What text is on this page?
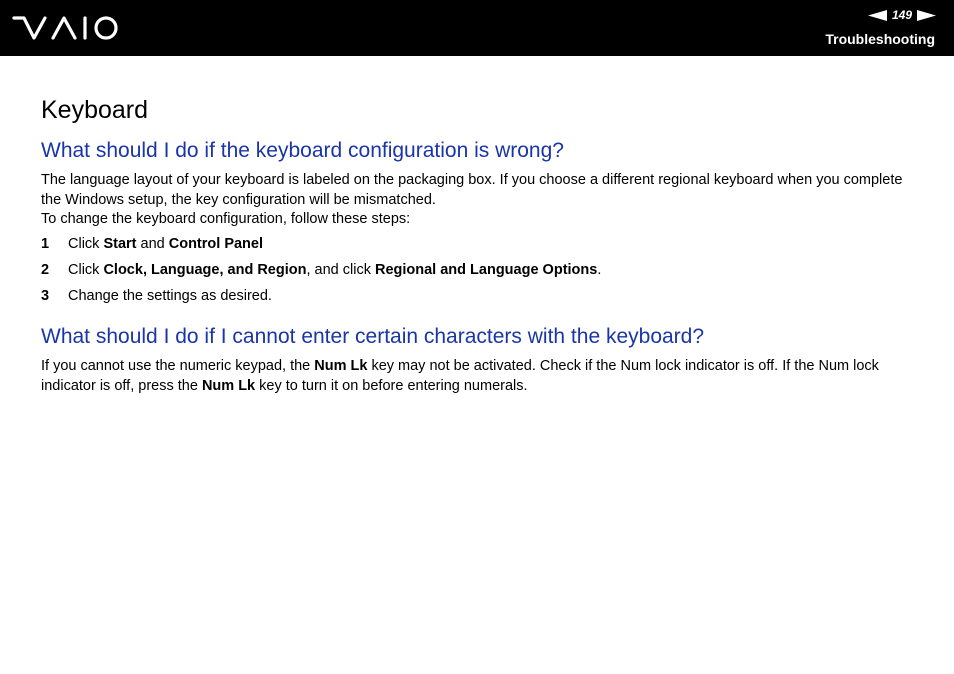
149
Troubleshooting
Keyboard
What should I do if the keyboard configuration is wrong?

The language layout of your keyboard is labeled on the packaging box. If you choose a different regional keyboard when you complete the Windows setup, the key configuration will be mismatched.

To change the keyboard configuration, follow these steps:

1 Click Start and Control Panel
2 Click Clock, Language, and Region, and click Regional and Language Options.
3 Change the settings as desired.
What should I do if I cannot enter certain characters with the keyboard?

If you cannot use the numeric keypad, the Num Lk key may not be activated. Check if the Num lock indicator is off. If the Num lock indicator is off, press the Num Lk key to turn it on before entering numerals.
